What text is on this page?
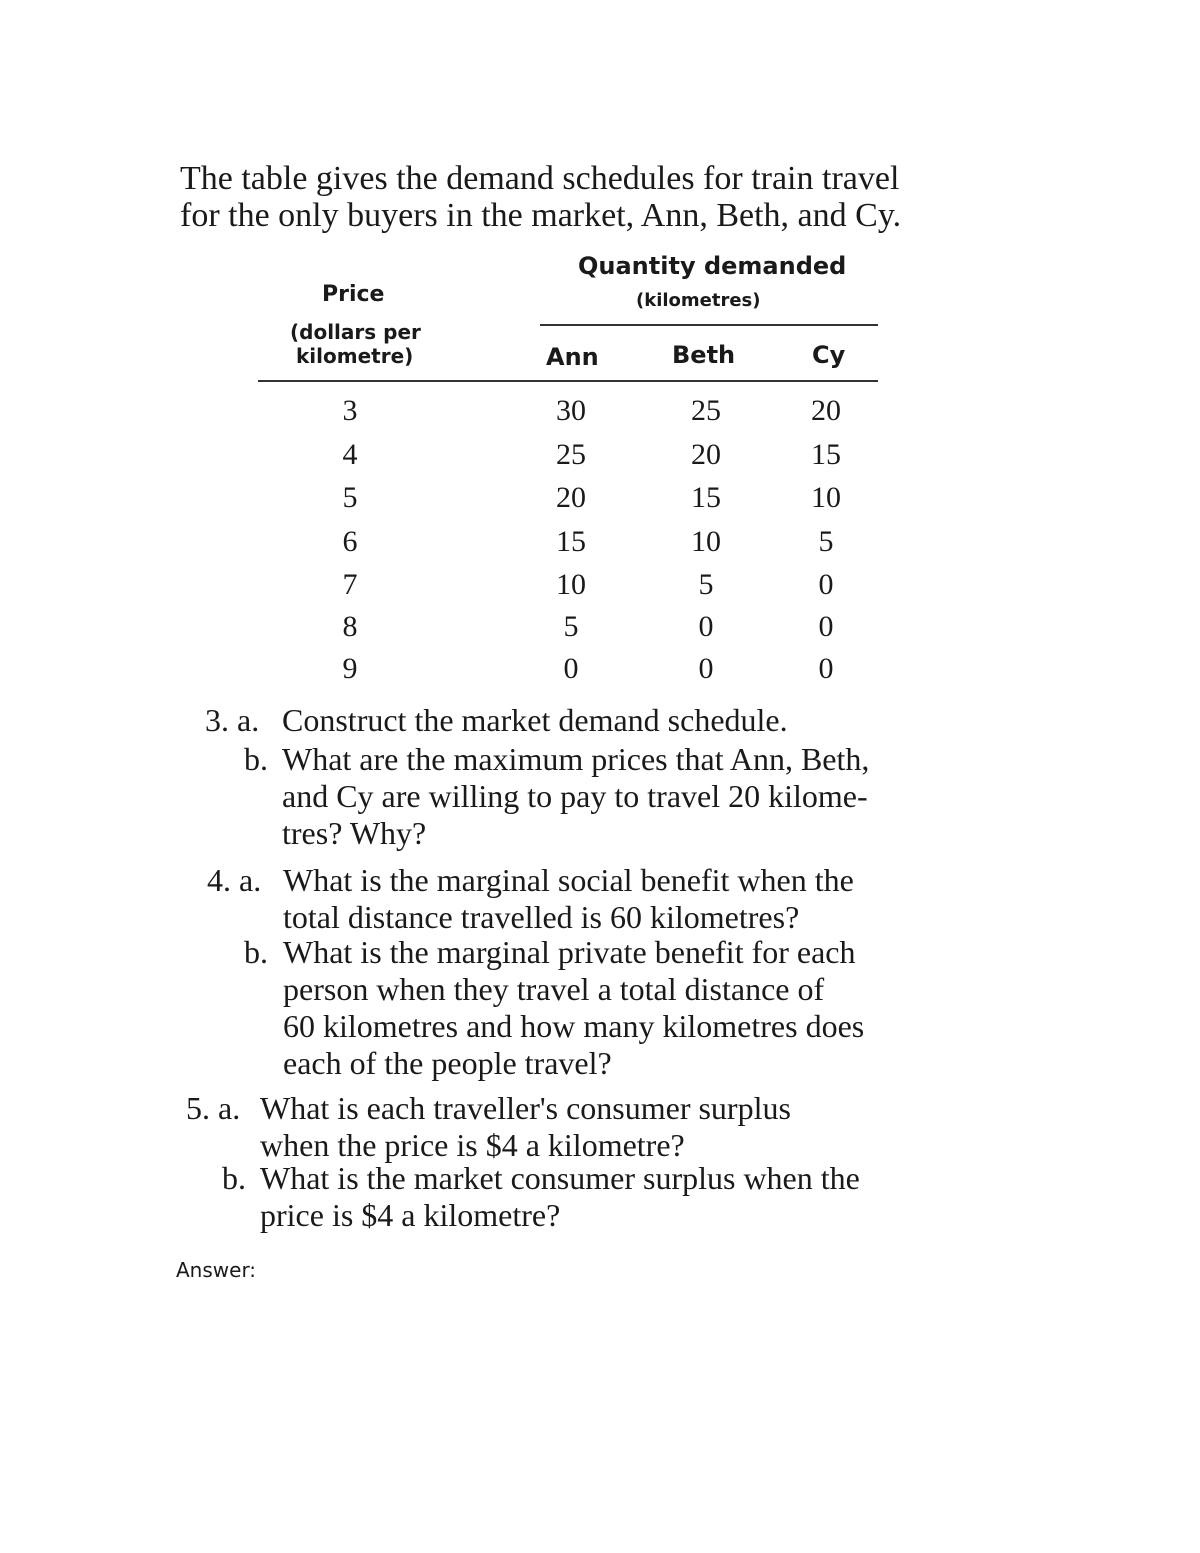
The table gives the demand schedules for train travel
for the only buyers in the market, Ann, Beth, and Cy.
Quantity demanded
(kilometres)
Price
(dollars per
kilometre)	Ann	Beth	Cy
3	30	25	20
4	25	20	15
5	20	15	10
6	15	10	5
7	10	5	0
8	5	0	0
9	0	0	0
3. a. Construct the market demand schedule.
b. What are the maximum prices that Ann, Beth,
and Cy are willing to pay to travel 20 kilome-
tres? Why?
4. a. What is the marginal social benefit when the
total distance travelled is 60 kilometres?
b. What is the marginal private benefit for each
person when they travel a total distance of
60 kilometres and how many kilometres does
each of the people travel?
5. a. What is each traveller's consumer surplus
when the price is $4 a kilometre?
b. What is the market consumer surplus when the
price is $4 a kilometre?
Answer:
